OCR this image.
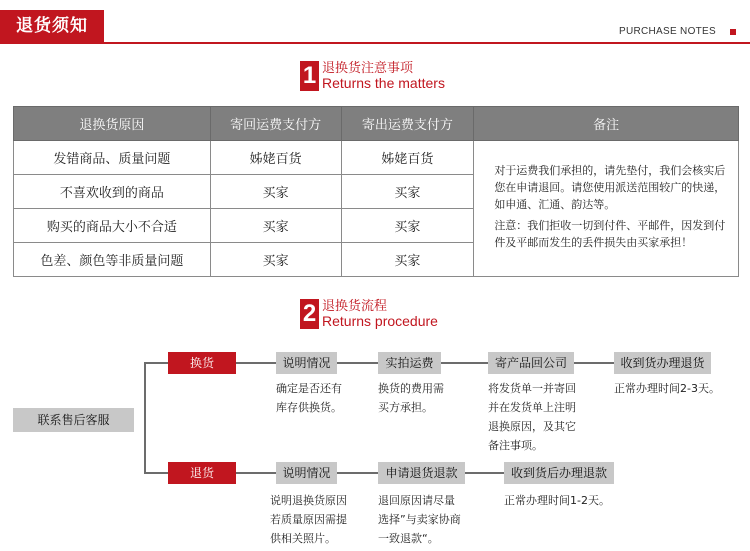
退货须知	PURCHASE NOTES
1 退换货注意事项
Returns the matters
退换货原因	寄回运费支付方	寄出运费支付方	备注
发错商品、质量问题	姊姥百货	姊姥百货	对于运费我们承担的，请先垫付，我们会核实后您在申请退回。请您使用派送范围较广的快递，如申通、汇通、韵达等。

注意：我们拒收一切到付件、平邮件，因发到付件及平邮而发生的丢件损失由买家承担！

不喜欢收到的商品	买家	买家	
购买的商品大小不合适	买家	买家	
色差、颜色等非质量问题	买家	买家	
2 退换货流程
Returns procedure
联系售后客服
换货	说明情况	实拍运费	寄产品回公司	收到货办理退货
确定是否还有库存供换货。
换货的费用需买方承担。
将发货单一并寄回并在发货单上注明退换原因，及其它备注事项。
正常办理时间2-3天。
退货	说明情况	申请退货退款	收到货后办理退款
说明退换货原因若质量原因需提供相关照片。
退回原因请尽量选择”与卖家协商一致退款“。
正常办理时间1-2天。
